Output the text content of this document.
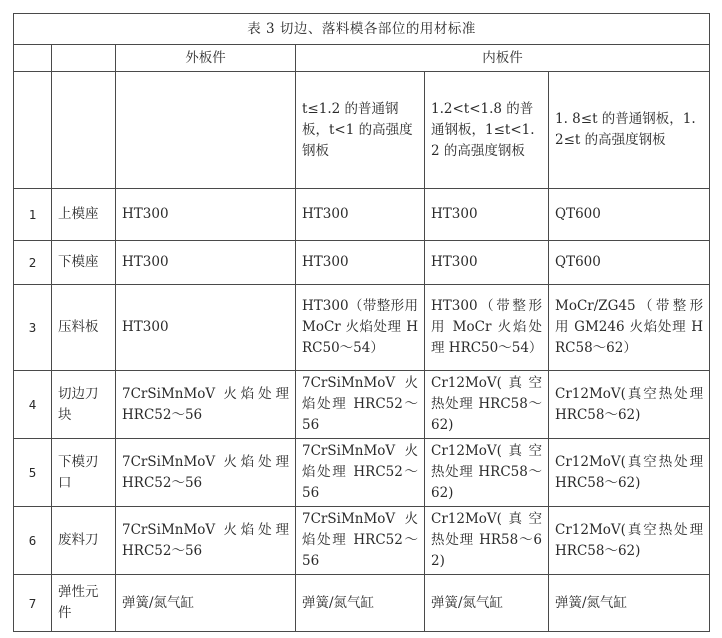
表 3 切边、落料模各部位的用材标准					
		外板件	内板件		
			t≤1.2 的普通钢板，t<1 的高强度钢板	1.2<t<1.8 的普通钢板，1≤t<1.2 的高强度钢板	1. 8≤t 的普通钢板，1.2≤t 的高强度钢板
1	上模座	HT300	HT300	HT300	QT600
2	下模座	HT300	HT300	HT300	QT600
3	压料板	HT300	HT300（带整形用 MoCr 火焰处理 HRC50～54）	HT300（带整形用 MoCr 火焰处理 HRC50～54）	MoCr/ZG45（带整形用 GM246 火焰处理 HRC58～62）
4	切边刀块	7CrSiMnMoV 火焰处理 HRC52～56	7CrSiMnMoV 火焰处理 HRC52～56	Cr12MoV(真空热处理 HRC58～62)	Cr12MoV(真空热处理 HRC58～62)
5	下模刃口	7CrSiMnMoV 火焰处理 HRC52～56	7CrSiMnMoV 火焰处理 HRC52～56	Cr12MoV(真空热处理 HRC58～62)	Cr12MoV(真空热处理 HRC58～62)
6	废料刀	7CrSiMnMoV 火焰处理 HRC52～56	7CrSiMnMoV 火焰处理 HRC52～56	Cr12MoV(真空热处理 HR58～62)	Cr12MoV(真空热处理 HRC58～62)
7	弹性元件	弹簧/氮气缸	弹簧/氮气缸	弹簧/氮气缸	弹簧/氮气缸
